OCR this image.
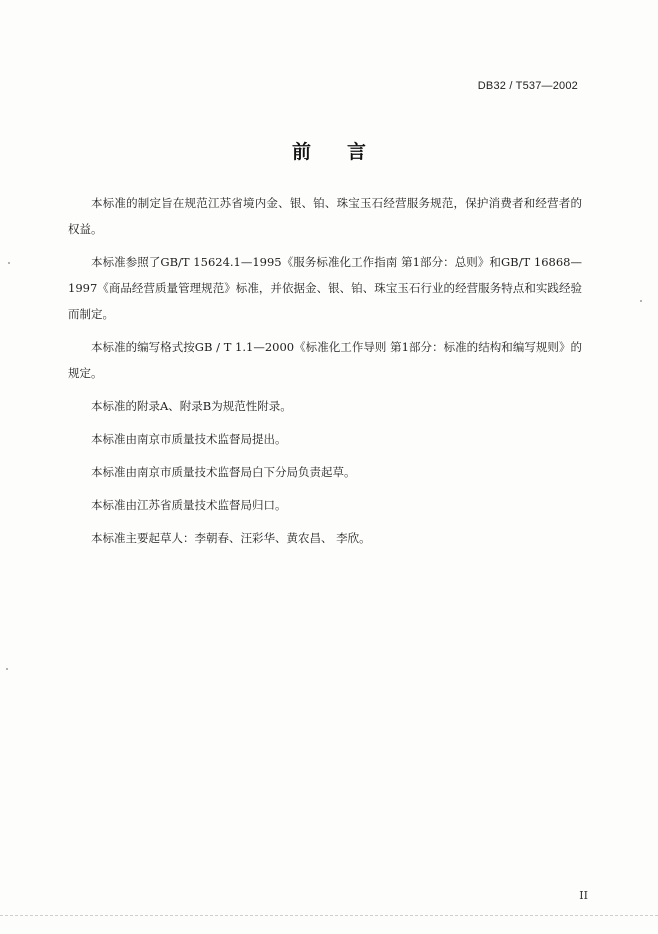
DB32 / T537—2002
前言

本标准的制定旨在规范江苏省境内金、银、铂、珠宝玉石经营服务规范，保护消费者和经营者的权益。

本标准参照了GB/T 15624.1—1995《服务标准化工作指南 第1部分：总则》和GB/T 16868—1997《商品经营质量管理规范》标准，并依据金、银、铂、珠宝玉石行业的经营服务特点和实践经验而制定。

本标准的编写格式按GB / T 1.1—2000《标准化工作导则 第1部分：标准的结构和编写规则》的规定。

本标准的附录A、附录B为规范性附录。

本标准由南京市质量技术监督局提出。

本标准由南京市质量技术监督局白下分局负责起草。

本标准由江苏省质量技术监督局归口。

本标准主要起草人：李朝春、汪彩华、黄农昌、 李欣。

II
